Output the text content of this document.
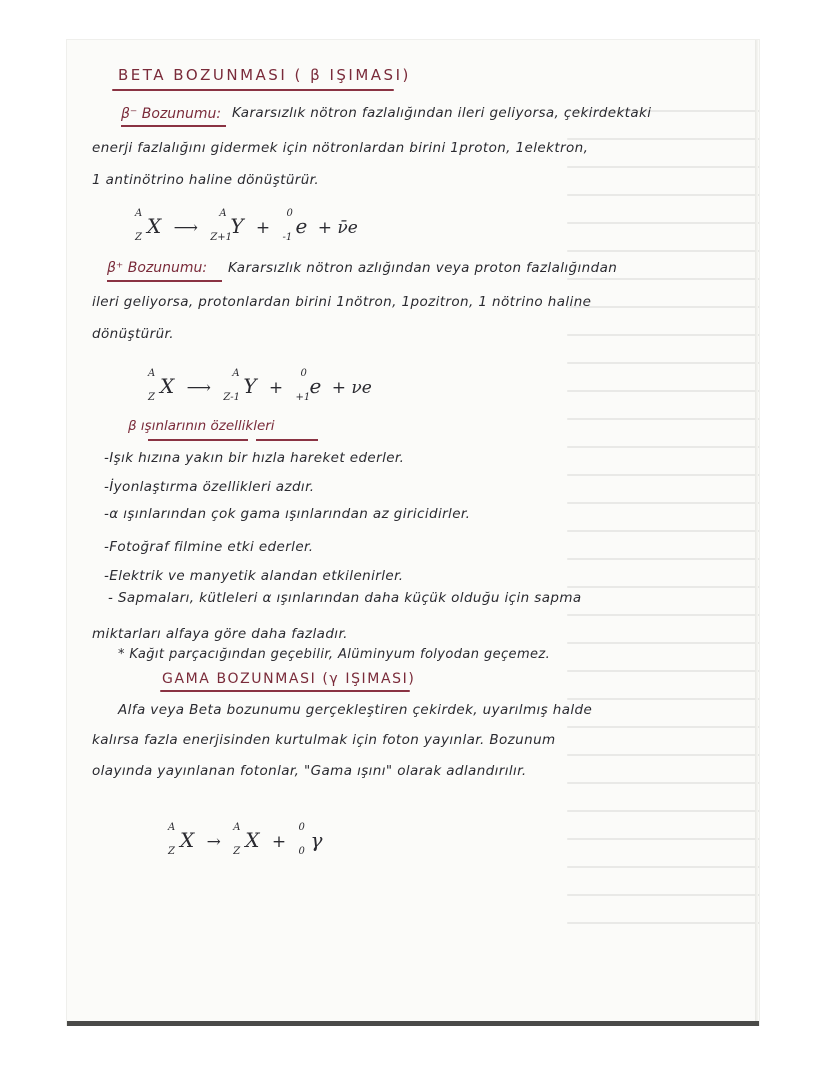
BETA BOZUNMASI ( β IŞIMASI)
β⁻ Bozunumu: Kararsızlık nötron fazlalığından ileri geliyorsa, çekirdektaki
enerji fazlalığını gidermek için nötronlardan birini 1proton, 1elektron,
1 antinötrino haline dönüştürür.
A
Z X ⟶
A
Z+1
Y +
0
-1 e + ν̄e
β⁺ Bozunumu: Kararsızlık nötron azlığından veya proton fazlalığından
ileri geliyorsa, protonlardan birini 1nötron, 1pozitron, 1 nötrino haline
dönüştürür.
A
Z X ⟶
A
Z-1 Y +
0
+1 e + νe
β ışınlarının özellikleri
-Işık hızına yakın bir hızla hareket ederler.
-İyonlaştırma özellikleri azdır.
-α ışınlarından çok gama ışınlarından az giricidirler.
-Fotoğraf filmine etki ederler.
-Elektrik ve manyetik alandan etkilenirler.
- Sapmaları, kütleleri α ışınlarından daha küçük olduğu için sapma
miktarları alfaya göre daha fazladır.
* Kağıt parçacığından geçebilir, Alüminyum folyodan geçemez.
GAMA BOZUNMASI (γ IŞIMASI)
Alfa veya Beta bozunumu gerçekleştiren çekirdek, uyarılmış halde
kalırsa fazla enerjisinden kurtulmak için foton yayınlar. Bozunum
olayında yayınlanan fotonlar, "Gama ışını" olarak adlandırılır.
A
Z X →
A
Z X +
0
0 γ
